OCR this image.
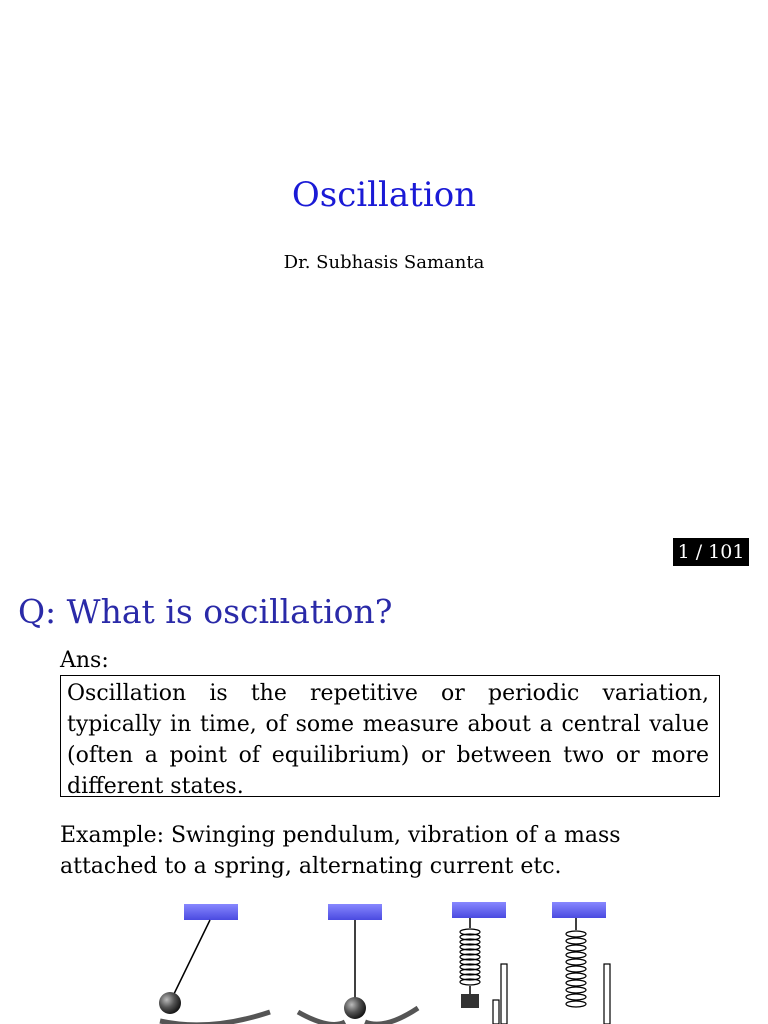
Oscillation
Dr. Subhasis Samanta
1 / 101
Q: What is oscillation?
Ans:
Oscillation is the repetitive or periodic variation, typically in time, of some measure about a central value (often a point of equilibrium) or between two or more different states.
Example: Swinging pendulum, vibration of a mass
attached to a spring, alternating current etc.
